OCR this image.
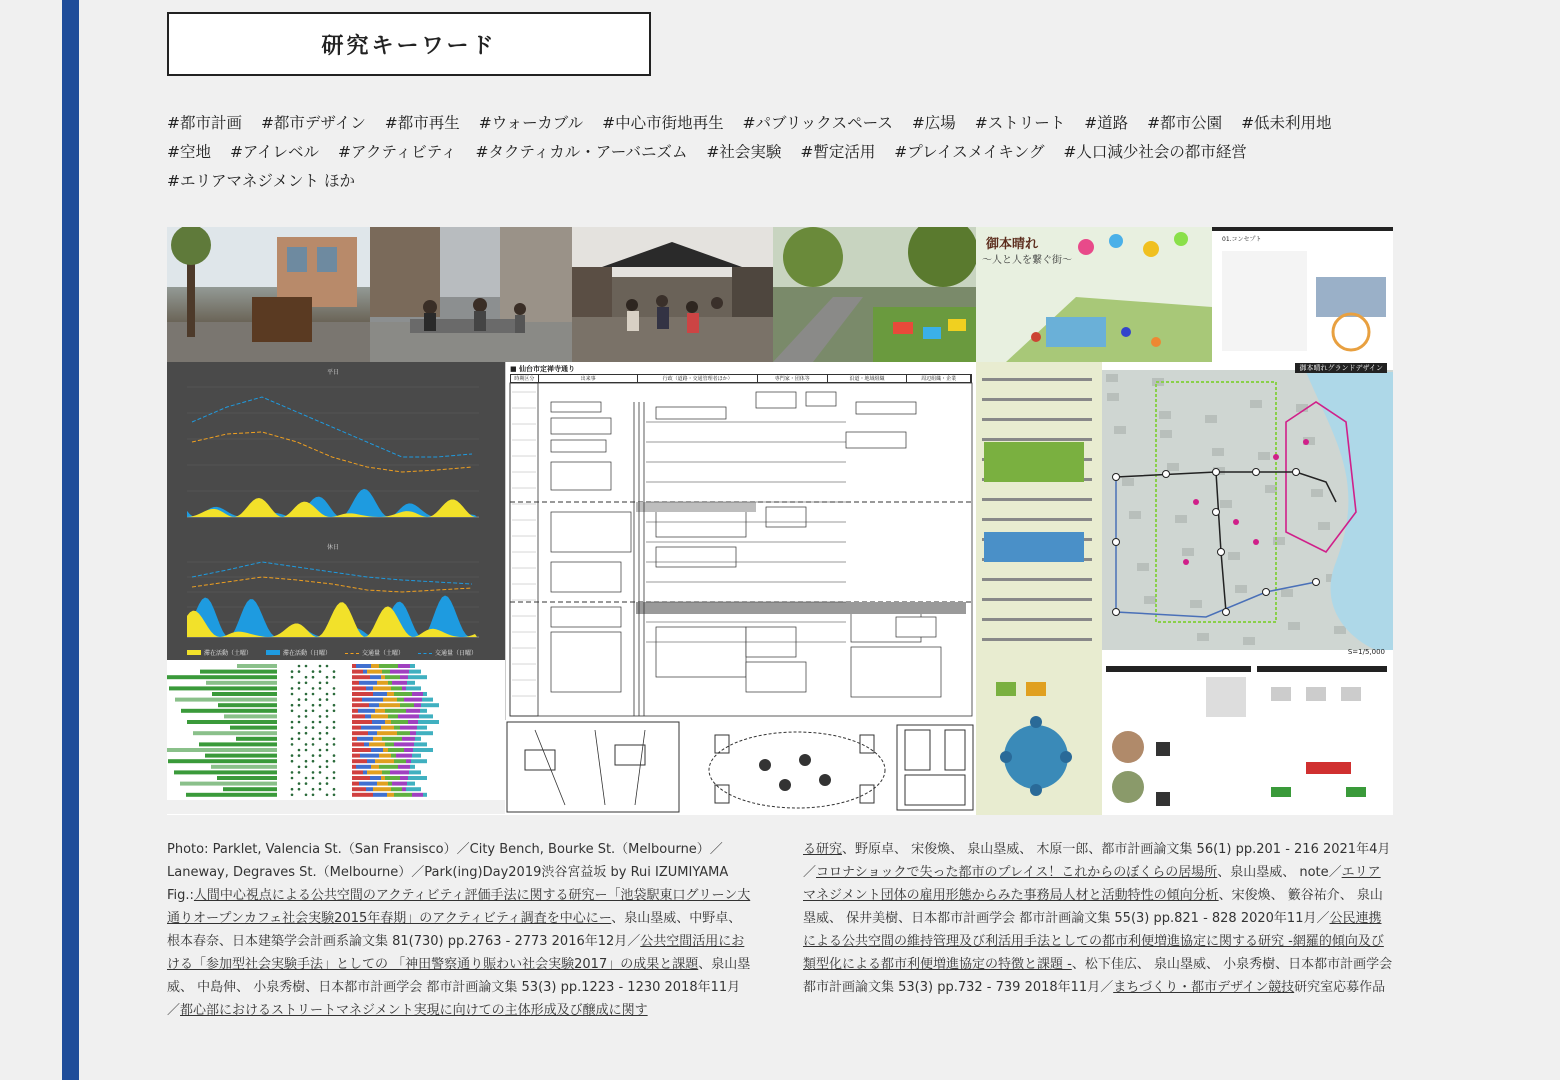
研究キーワード
#都市計画 #都市デザイン #都市再生 #ウォーカブル #中心市街地再生 #パブリックスペース #広場 #ストリート #道路 #都市公園 #低未利用地 #空地 #アイレベル #アクティビティ #タクティカル・アーバニズム #社会実験 #暫定活用 #プレイスメイキング #人口減少社会の都市経営 #エリアマネジメント ほか
御本晴れ
〜人と人を繋ぐ街〜
01.コンセプト
平日
休日
滞在活動（土曜）	滞在活動（日曜）	交通量（土曜）	交通量（日曜）
■ 仙台市定禅寺通り
時期区分	出来事	行政（道路・交通管理者ほか）	専門家・団体等	沿道・地域組織	周辺組織・企業
御本晴れグランドデザイン
S=1/5,000
Photo: Parklet, Valencia St.（San Fransisco）／City Bench, Bourke St.（Melbourne）／Laneway, Degraves St.（Melbourne）／Park(ing)Day2019渋谷宮益坂 by Rui IZUMIYAMA
Fig.:人間中心視点による公共空間のアクティビティ評価手法に関する研究ー「池袋駅東口グリーン大通りオープンカフェ社会実験2015年春期」のアクティビティ調査を中心にー、泉山塁威、中野卓、 根本春奈、日本建築学会計画系論文集 81(730) pp.2763 - 2773 2016年12月／公共空間活用における「参加型社会実験手法」としての 「神田警察通り賑わい社会実験2017」の成果と課題、泉山塁威、 中島伸、 小泉秀樹、日本都市計画学会 都市計画論文集 53(3) pp.1223 - 1230 2018年11月 ／都心部におけるストリートマネジメント実現に向けての主体形成及び醸成に関す
る研究、野原卓、 宋俊煥、 泉山塁威、 木原一郎、都市計画論文集 56(1) pp.201 - 216 2021年4月／コロナショックで失った都市のプレイス！これからのぼくらの居場所、泉山塁威、 note／エリアマネジメント団体の雇用形態からみた事務局人材と活動特性の傾向分析、宋俊煥、 籔谷祐介、 泉山塁威、 保井美樹、日本都市計画学会 都市計画論文集 55(3) pp.821 - 828 2020年11月／公民連携による公共空間の維持管理及び利活用手法としての都市利便増進協定に関する研究 -網羅的傾向及び類型化による都市利便増進協定の特徴と課題 -、松下佳広、 泉山塁威、 小泉秀樹、日本都市計画学会 都市計画論文集 53(3) pp.732 - 739 2018年11月／まちづくり・都市デザイン競技研究室応募作品
